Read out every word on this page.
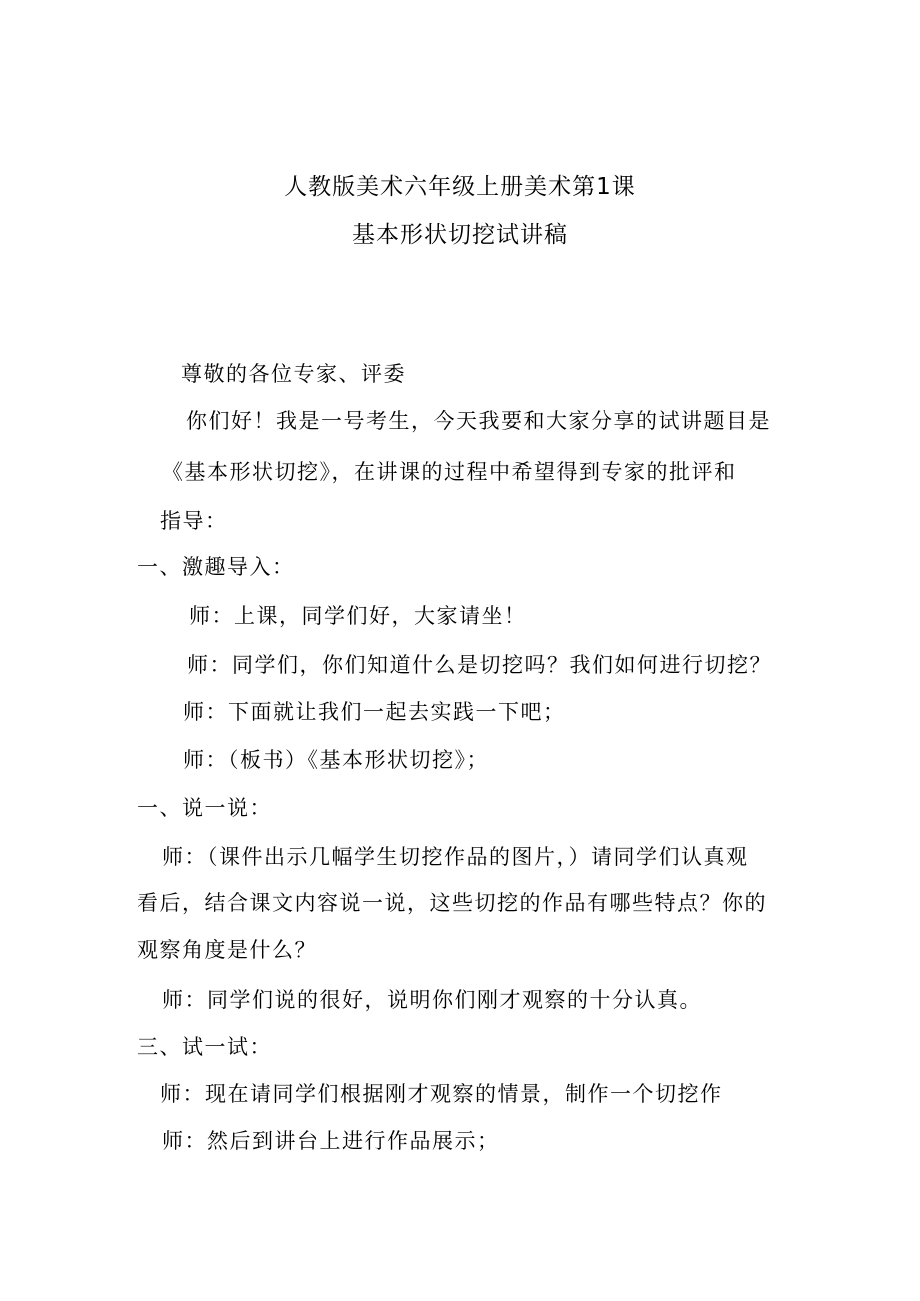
人教版美术六年级上册美术第1课
基本形状切挖试讲稿
尊敬的各位专家、评委
你们好！我是一号考生，今天我要和大家分享的试讲题目是
《基本形状切挖》，在讲课的过程中希望得到专家的批评和
指导：
一、激趣导入：
师：上课，同学们好，大家请坐！
师：同学们，你们知道什么是切挖吗？我们如何进行切挖？
师：下面就让我们一起去实践一下吧；
师：（板书）《基本形状切挖》；
一、说一说：
师：（课件出示几幅学生切挖作品的图片，）请同学们认真观
看后，结合课文内容说一说，这些切挖的作品有哪些特点？你的
观察角度是什么？
师：同学们说的很好，说明你们刚才观察的十分认真。
三、试一试：
师：现在请同学们根据刚才观察的情景，制作一个切挖作
师：然后到讲台上进行作品展示；
